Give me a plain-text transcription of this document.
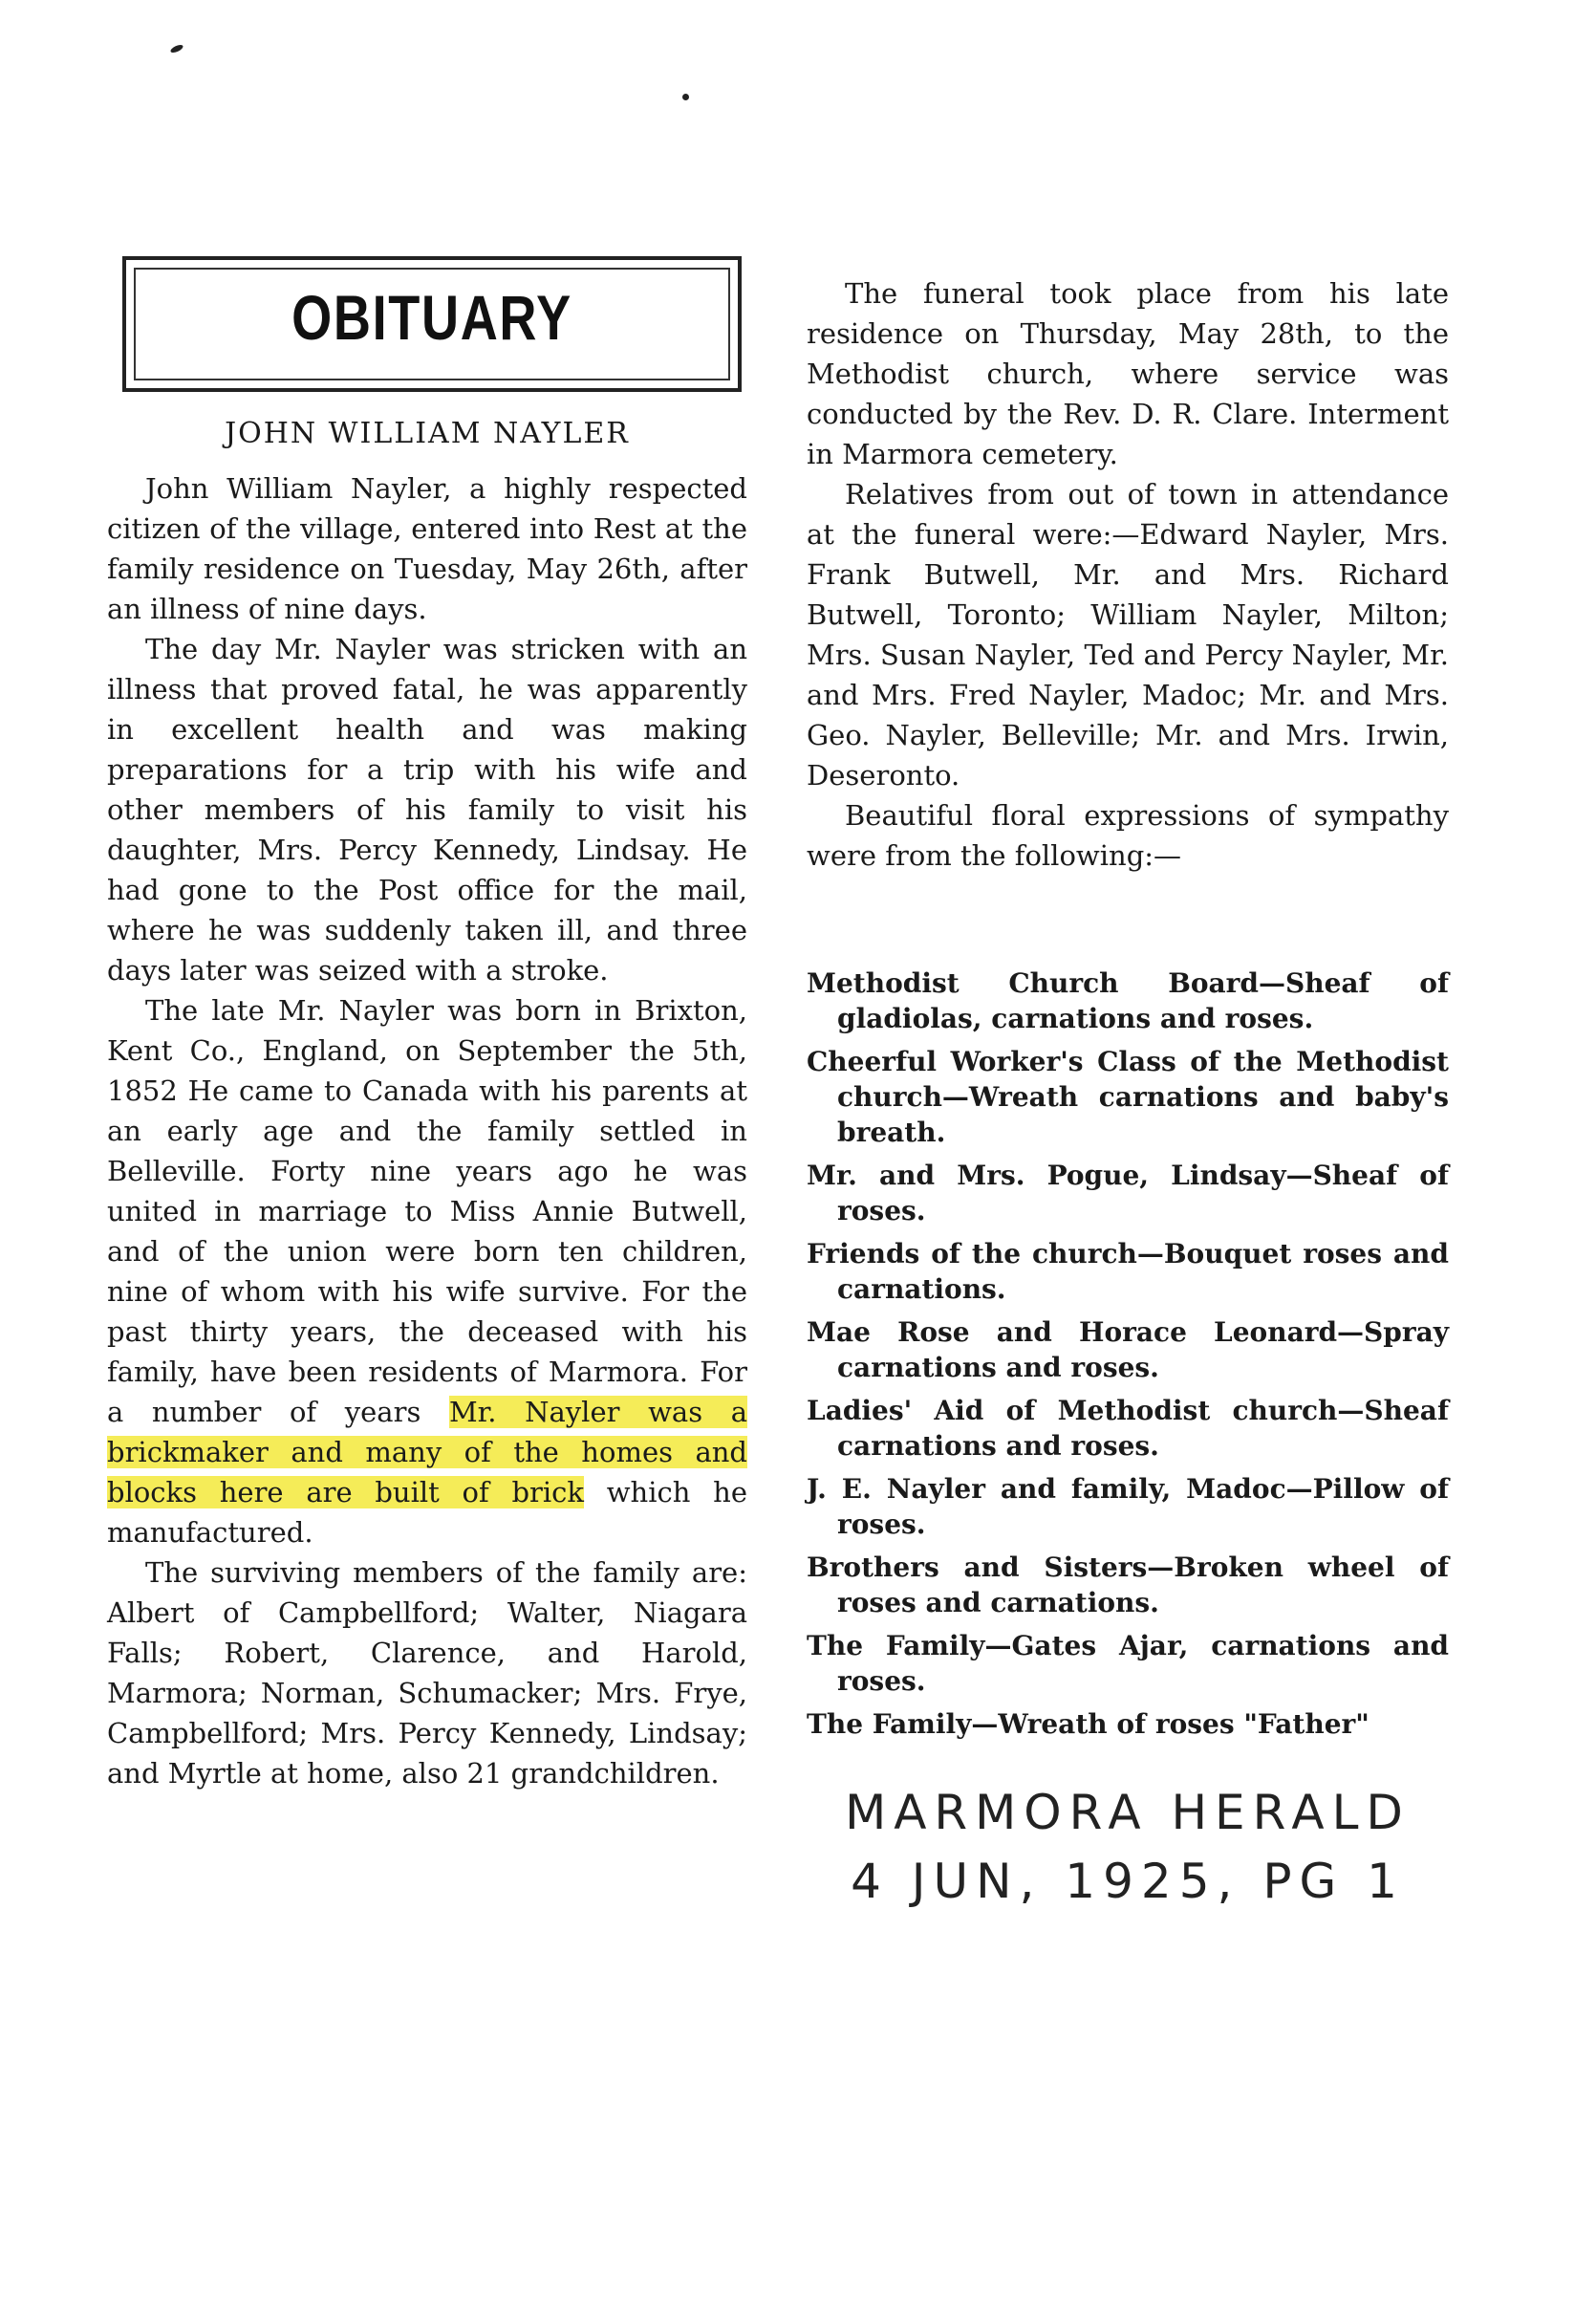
OBITUARY
JOHN WILLIAM NAYLER

John William Nayler, a highly respected citizen of the village, entered into Rest at the family residence on Tuesday, May 26th, after an illness of nine days.

The day Mr. Nayler was stricken with an illness that proved fatal, he was apparently in excellent health and was making preparations for a trip with his wife and other members of his family to visit his daughter, Mrs. Percy Kennedy, Lindsay. He had gone to the Post office for the mail, where he was suddenly taken ill, and three days later was seized with a stroke.

The late Mr. Nayler was born in Brixton, Kent Co., England, on September the 5th, 1852 He came to Canada with his parents at an early age and the family settled in Belleville. Forty nine years ago he was united in marriage to Miss Annie Butwell, and of the union were born ten children, nine of whom with his wife survive. For the past thirty years, the deceased with his family, have been residents of Marmora. For a number of years Mr. Nayler was a brickmaker and many of the homes and blocks here are built of brick which he manufactured.

The surviving members of the family are: Albert of Campbellford; Walter, Niagara Falls; Robert, Clarence, and Harold, Marmora; Norman, Schumacker; Mrs. Frye, Campbellford; Mrs. Percy Kennedy, Lindsay; and Myrtle at home, also 21 grandchildren.

The funeral took place from his late residence on Thursday, May 28th, to the Methodist church, where service was conducted by the Rev. D. R. Clare. Interment in Marmora cemetery.

Relatives from out of town in attendance at the funeral were:—Edward Nayler, Mrs. Frank Butwell, Mr. and Mrs. Richard Butwell, Toronto; William Nayler, Milton; Mrs. Susan Nayler, Ted and Percy Nayler, Mr. and Mrs. Fred Nayler, Madoc; Mr. and Mrs. Geo. Nayler, Belleville; Mr. and Mrs. Irwin, Deseronto.

Beautiful floral expressions of sympathy were from the following:—

Methodist Church Board—Sheaf of gladiolas, carnations and roses.

Cheerful Worker's Class of the Methodist church—Wreath carnations and baby's breath.

Mr. and Mrs. Pogue, Lindsay—Sheaf of roses.

Friends of the church—Bouquet roses and carnations.

Mae Rose and Horace Leonard—Spray carnations and roses.

Ladies' Aid of Methodist church—Sheaf carnations and roses.

J. E. Nayler and family, Madoc—Pillow of roses.

Brothers and Sisters—Broken wheel of roses and carnations.

The Family—Gates Ajar, carnations and roses.

The Family—Wreath of roses "Father"

MARMORA HERALD
4 JUN, 1925, PG 1
